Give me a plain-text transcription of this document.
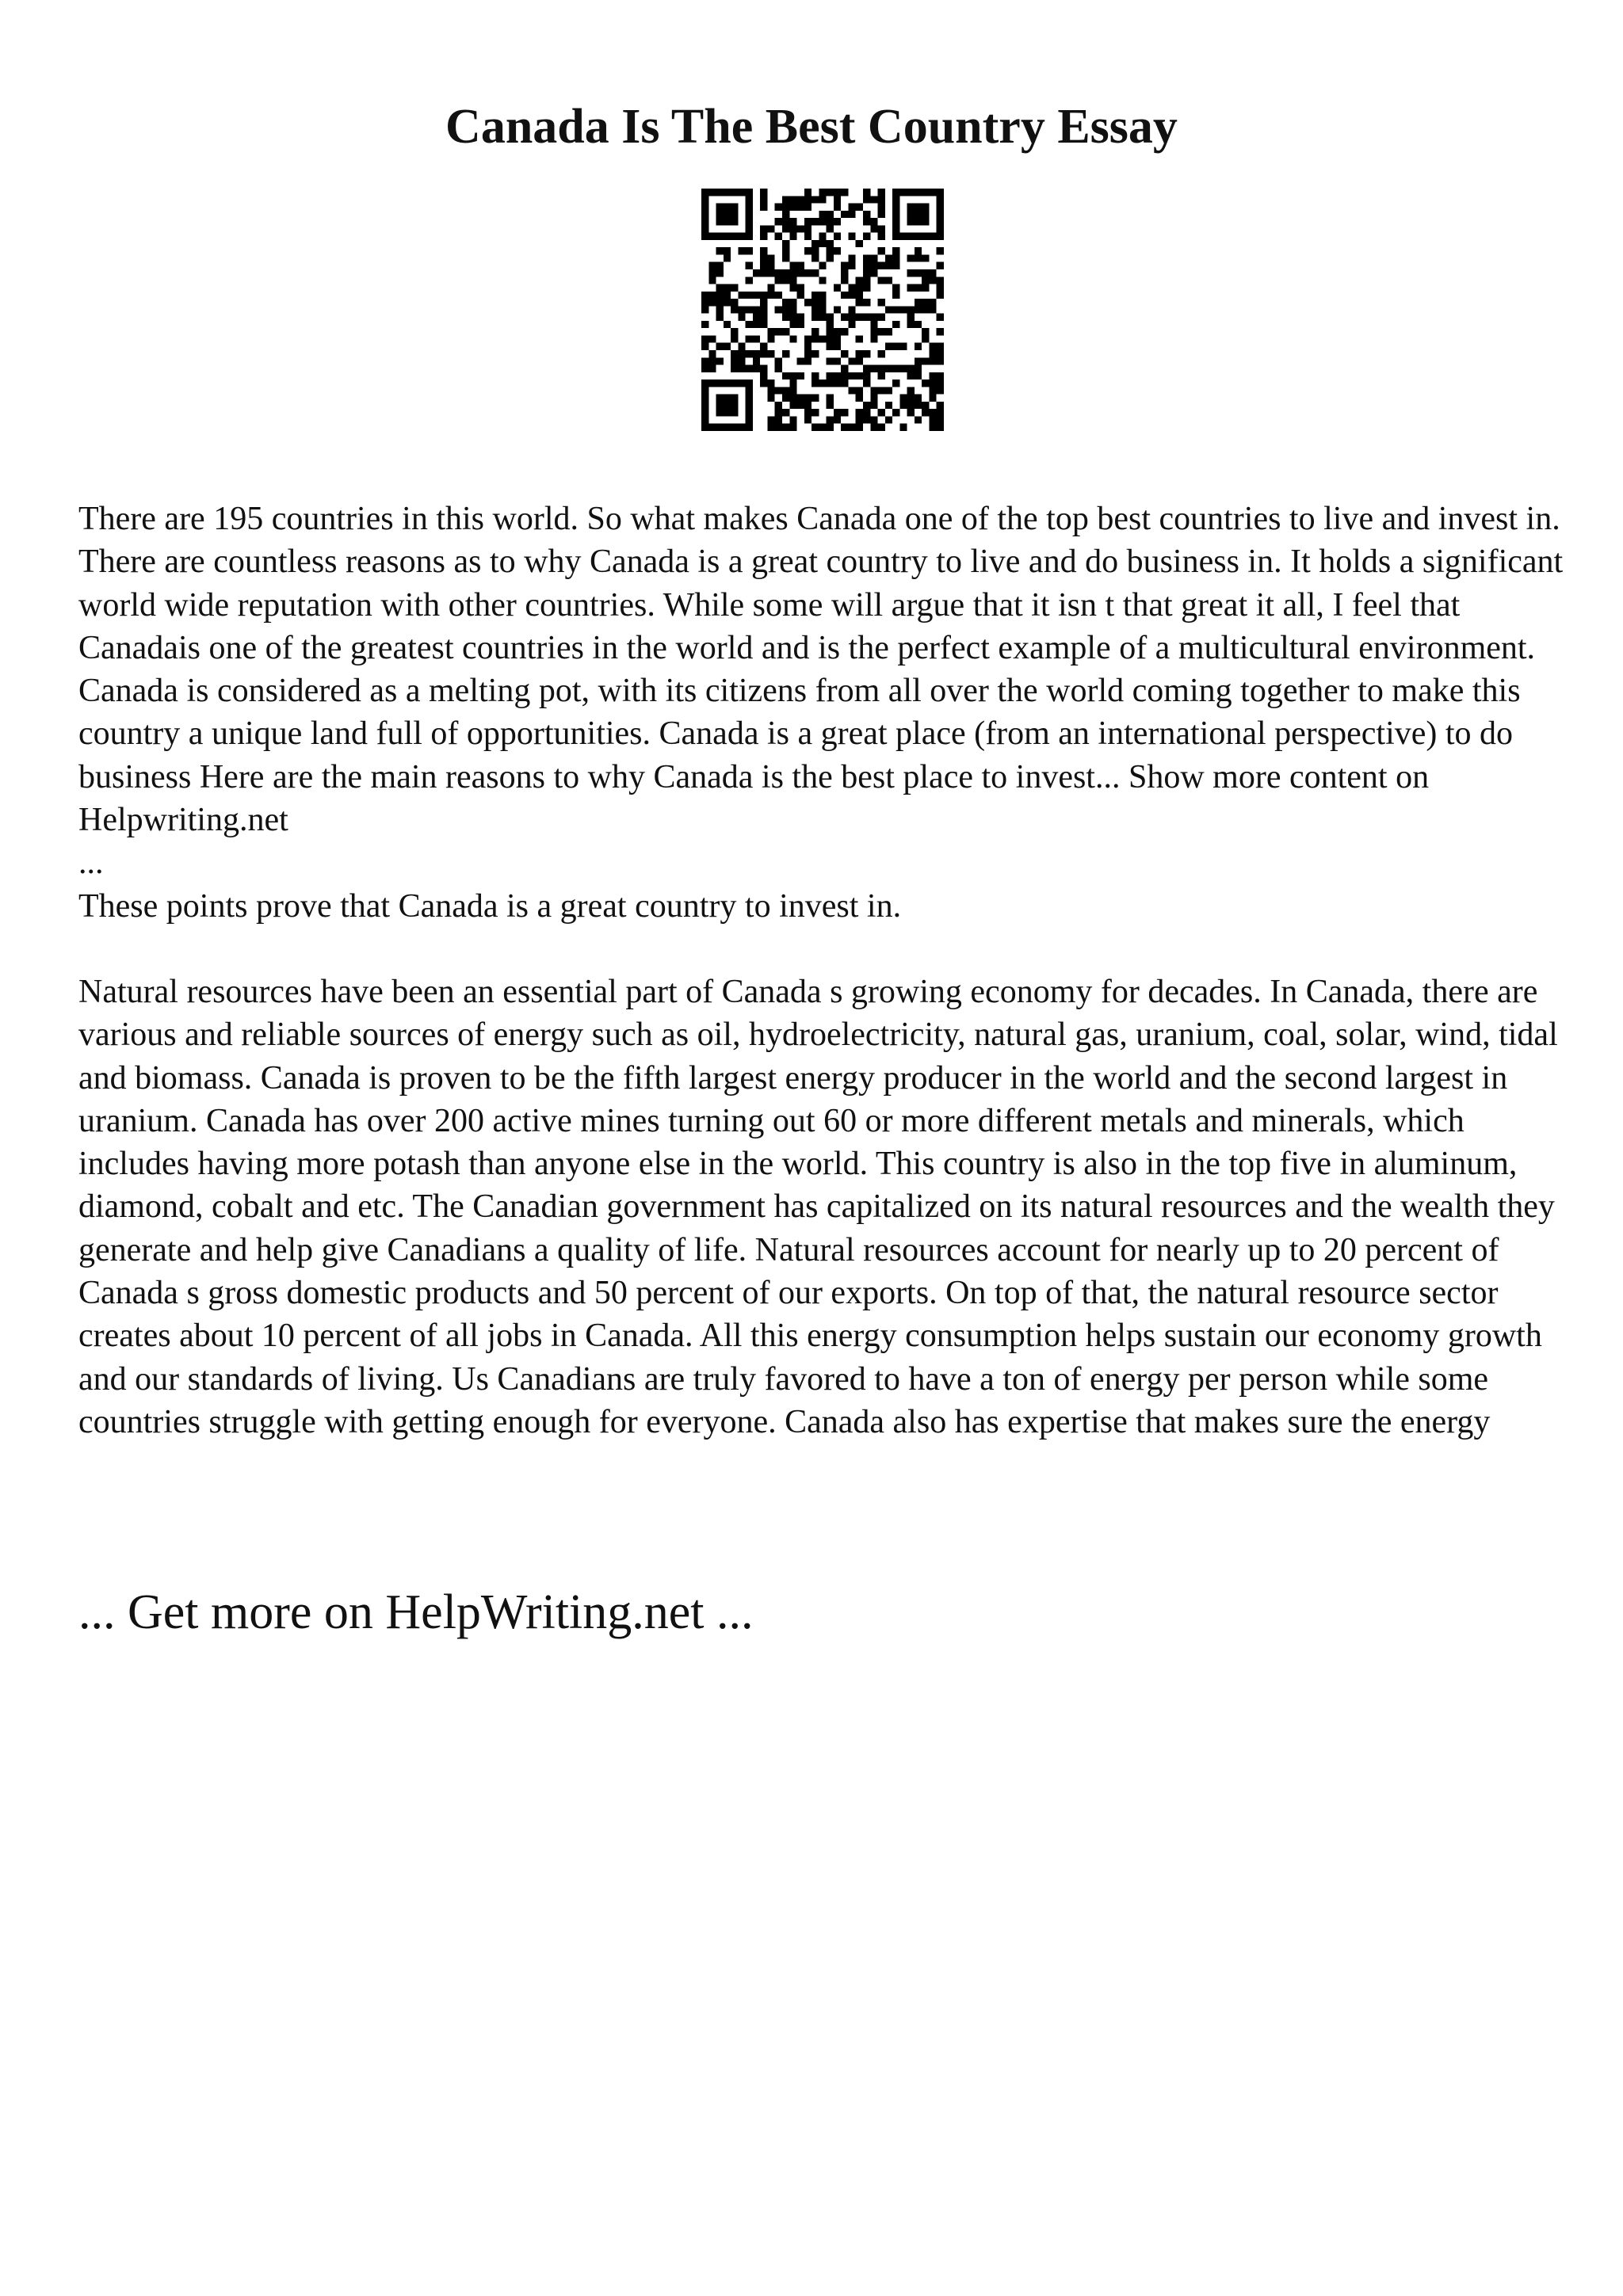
Canada Is The Best Country Essay

There are 195 countries in this world. So what makes Canada one of the top best countries to live and invest in. There are countless reasons as to why Canada is a great country to live and do business in. It holds a significant world wide reputation with other countries. While some will argue that it isn t that great it all, I feel that Canadais one of the greatest countries in the world and is the perfect example of a multicultural environment. Canada is considered as a melting pot, with its citizens from all over the world coming together to make this country a unique land full of opportunities. Canada is a great place (from an international perspective) to do business Here are the main reasons to why Canada is the best place to invest... Show more content on Helpwriting.net

...

These points prove that Canada is a great country to invest in.

Natural resources have been an essential part of Canada s growing economy for decades. In Canada, there are various and reliable sources of energy such as oil, hydroelectricity, natural gas, uranium, coal, solar, wind, tidal and biomass. Canada is proven to be the fifth largest energy producer in the world and the second largest in uranium. Canada has over 200 active mines turning out 60 or more different metals and minerals, which includes having more potash than anyone else in the world. This country is also in the top five in aluminum, diamond, cobalt and etc. The Canadian government has capitalized on its natural resources and the wealth they generate and help give Canadians a quality of life. Natural resources account for nearly up to 20 percent of Canada s gross domestic products and 50 percent of our exports. On top of that, the natural resource sector creates about 10 percent of all jobs in Canada. All this energy consumption helps sustain our economy growth and our standards of living. Us Canadians are truly favored to have a ton of energy per person while some countries struggle with getting enough for everyone. Canada also has expertise that makes sure the energy

... Get more on HelpWriting.net ...
